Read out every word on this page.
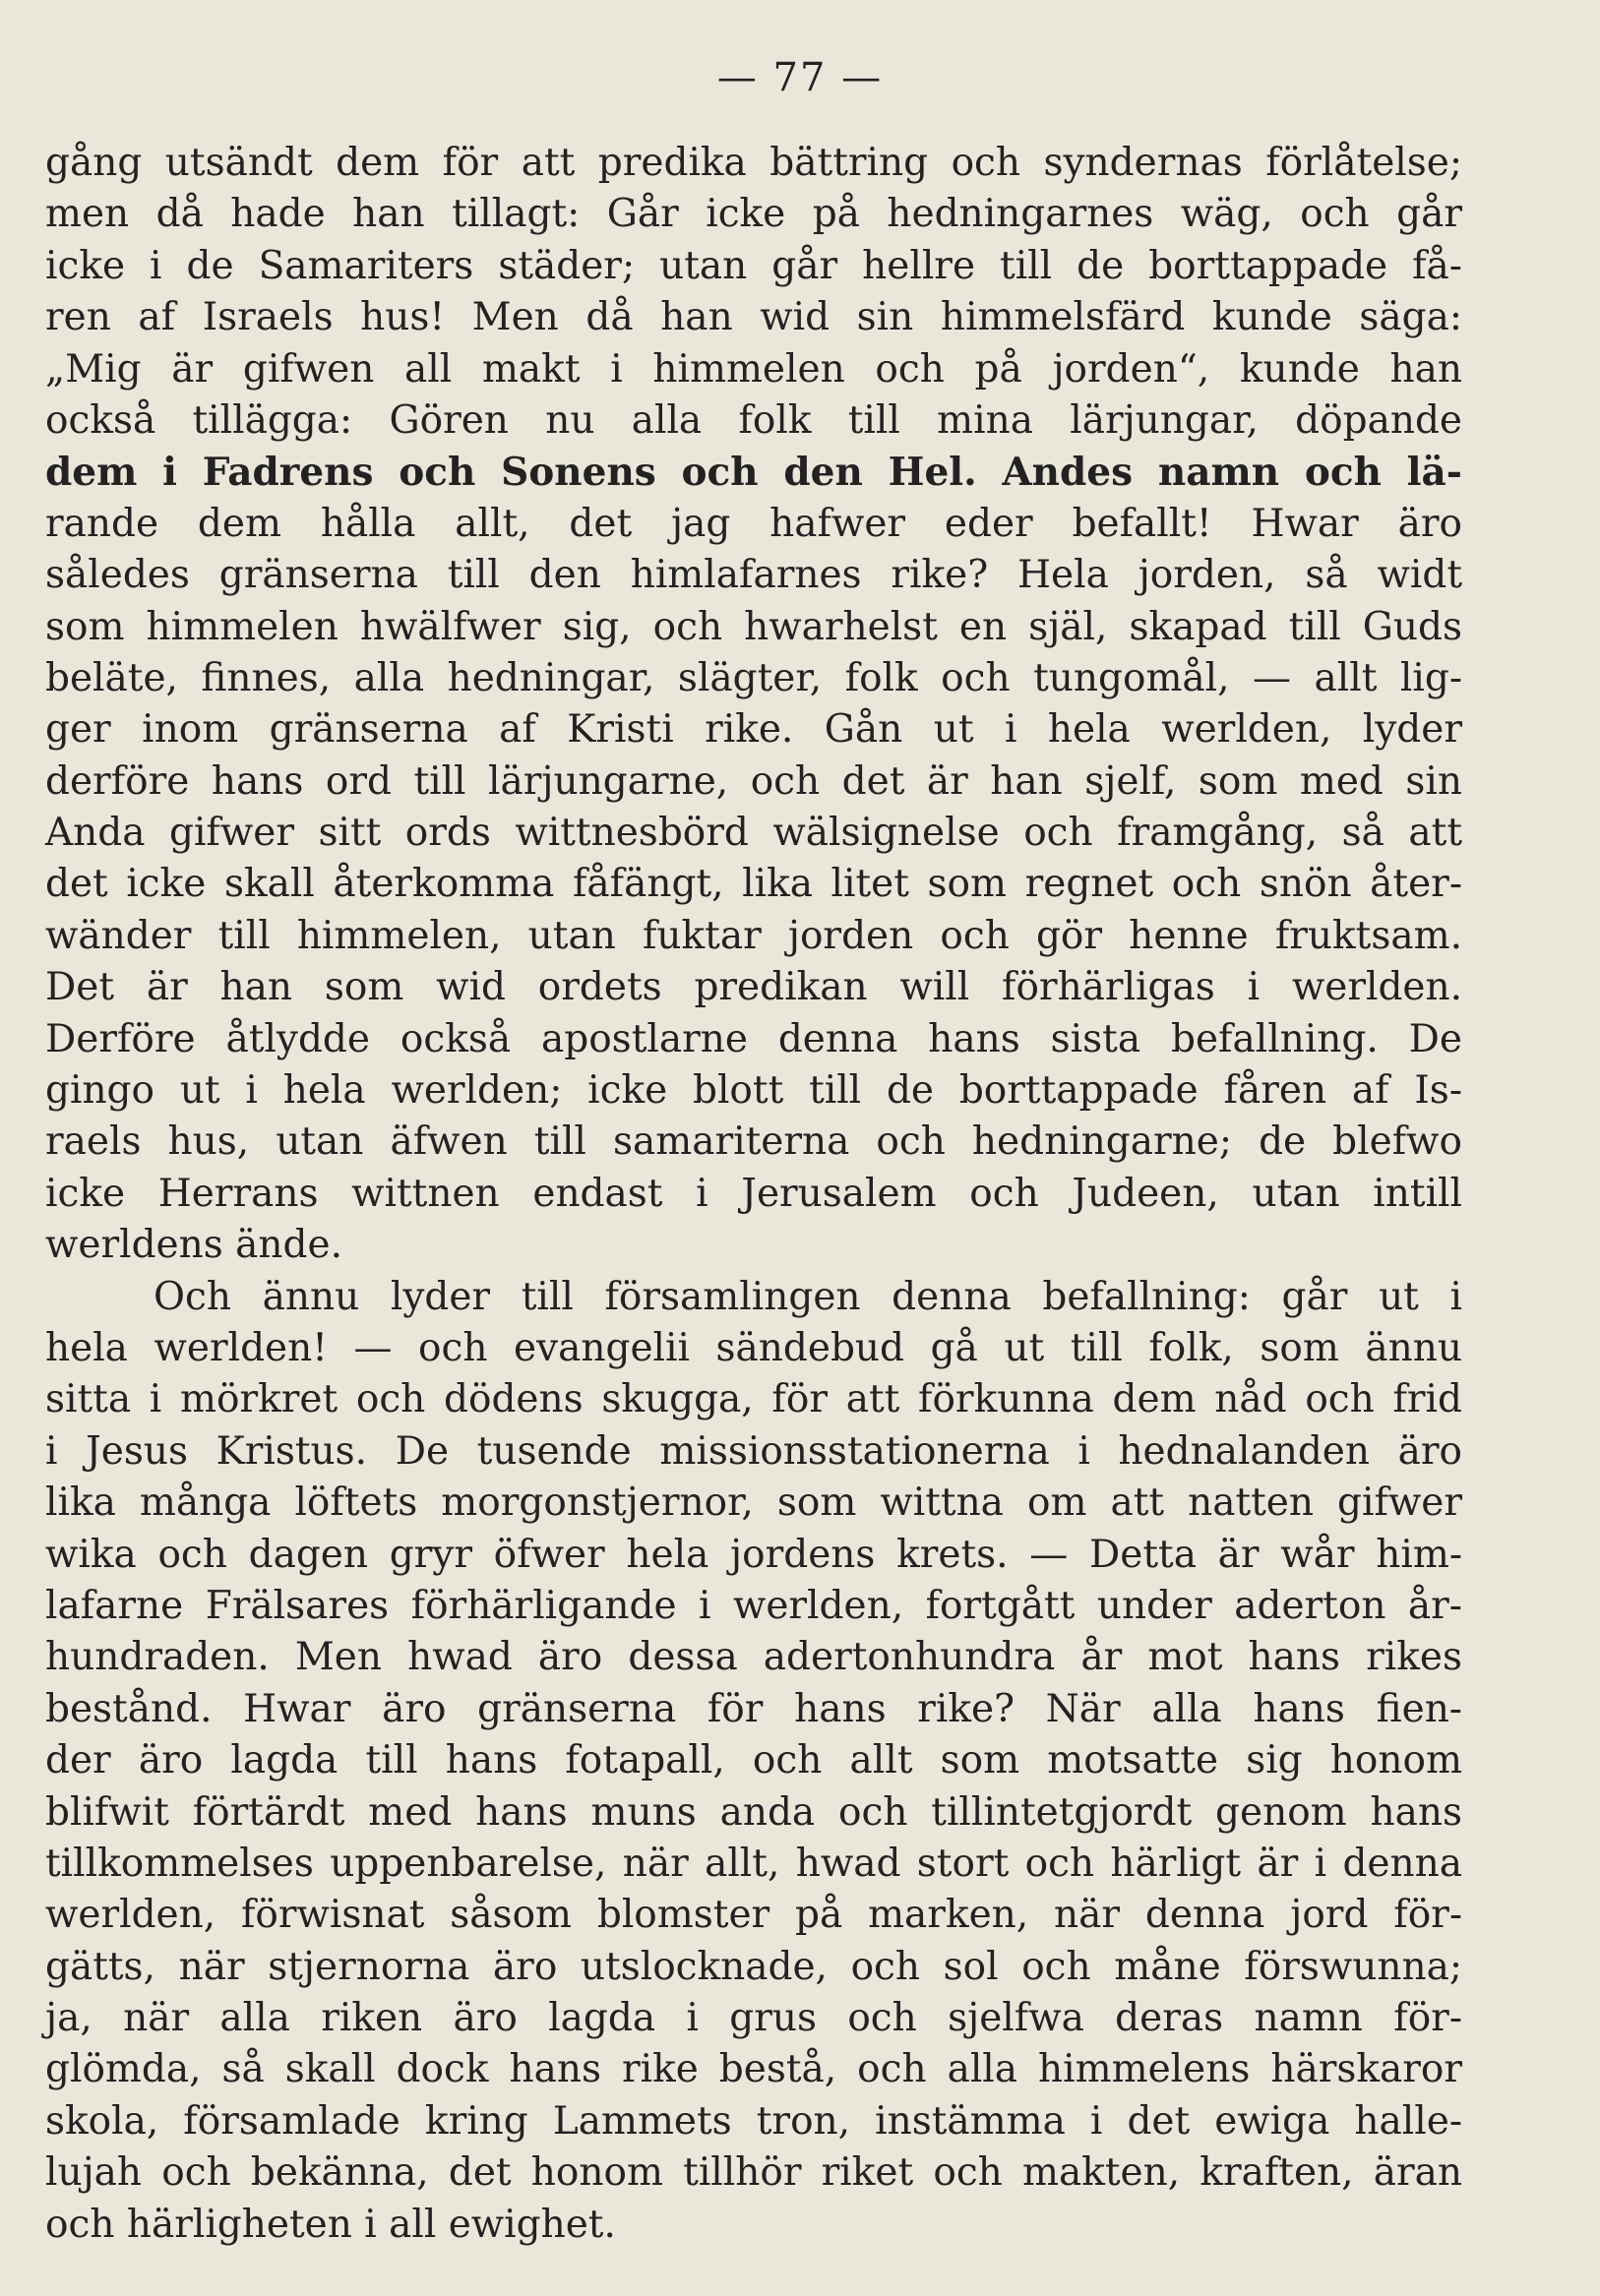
— 77 —
gång utsändt dem för att predika bättring och syndernas förlåtelse;
men då hade han tillagt: Går icke på hedningarnes wäg, och går
icke i de Samariters städer; utan går hellre till de borttappade få-
ren af Israels hus! Men då han wid sin himmelsfärd kunde säga:
„Mig är gifwen all makt i himmelen och på jorden“, kunde han
också tillägga: Gören nu alla folk till mina lärjungar, döpande
dem i Fadrens och Sonens och den Hel. Andes namn och lä-
rande dem hålla allt, det jag hafwer eder befallt! Hwar äro
således gränserna till den himlafarnes rike? Hela jorden, så widt
som himmelen hwälfwer sig, och hwarhelst en själ, skapad till Guds
beläte, finnes, alla hedningar, slägter, folk och tungomål, — allt lig-
ger inom gränserna af Kristi rike. Gån ut i hela werlden, lyder
derföre hans ord till lärjungarne, och det är han sjelf, som med sin
Anda gifwer sitt ords wittnesbörd wälsignelse och framgång, så att
det icke skall återkomma fåfängt, lika litet som regnet och snön åter-
wänder till himmelen, utan fuktar jorden och gör henne fruktsam.
Det är han som wid ordets predikan will förhärligas i werlden.
Derföre åtlydde också apostlarne denna hans sista befallning. De
gingo ut i hela werlden; icke blott till de borttappade fåren af Is-
raels hus, utan äfwen till samariterna och hedningarne; de blefwo
icke Herrans wittnen endast i Jerusalem och Judeen, utan intill
werldens ände.
Och ännu lyder till församlingen denna befallning: går ut i
hela werlden! — och evangelii sändebud gå ut till folk, som ännu
sitta i mörkret och dödens skugga, för att förkunna dem nåd och frid
i Jesus Kristus. De tusende missionsstationerna i hednalanden äro
lika många löftets morgonstjernor, som wittna om att natten gifwer
wika och dagen gryr öfwer hela jordens krets. — Detta är wår him-
lafarne Frälsares förhärligande i werlden, fortgått under aderton år-
hundraden. Men hwad äro dessa adertonhundra år mot hans rikes
bestånd. Hwar äro gränserna för hans rike? När alla hans fien-
der äro lagda till hans fotapall, och allt som motsatte sig honom
blifwit förtärdt med hans muns anda och tillintetgjordt genom hans
tillkommelses uppenbarelse, när allt, hwad stort och härligt är i denna
werlden, förwisnat såsom blomster på marken, när denna jord för-
gätts, när stjernorna äro utslocknade, och sol och måne förswunna;
ja, när alla riken äro lagda i grus och sjelfwa deras namn för-
glömda, så skall dock hans rike bestå, och alla himmelens härskaror
skola, församlade kring Lammets tron, instämma i det ewiga halle-
lujah och bekänna, det honom tillhör riket och makten, kraften, äran
och härligheten i all ewighet.
